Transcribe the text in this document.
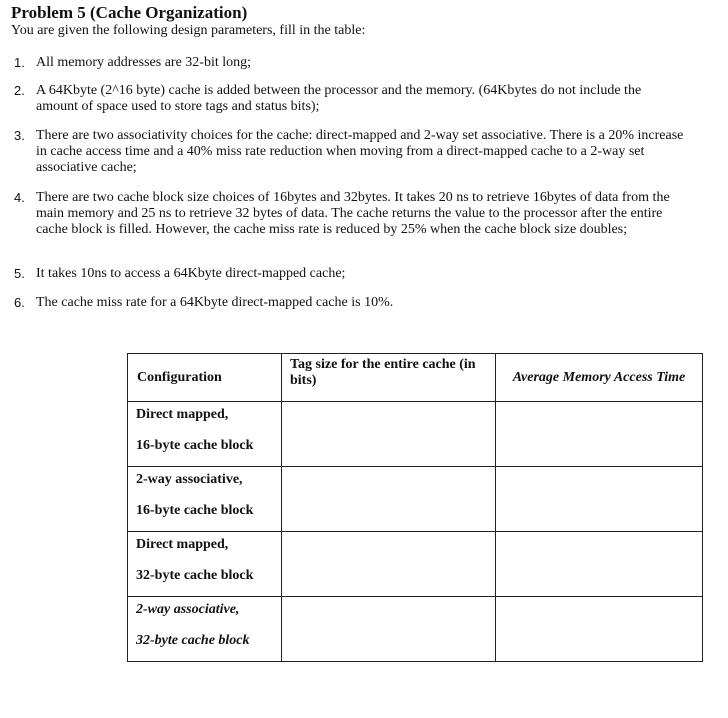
Problem 5 (Cache Organization)
You are given the following design parameters, fill in the table:
1. All memory addresses are 32-bit long;
2. A 64Kbyte (2^16 byte) cache is added between the processor and the memory. (64Kbytes do not include the amount of space used to store tags and status bits);
3. There are two associativity choices for the cache: direct-mapped and 2-way set associative. There is a 20% increase in cache access time and a 40% miss rate reduction when moving from a direct-mapped cache to a 2-way set associative cache;
4. There are two cache block size choices of 16bytes and 32bytes. It takes 20 ns to retrieve 16bytes of data from the main memory and 25 ns to retrieve 32 bytes of data. The cache returns the value to the processor after the entire cache block is filled. However, the cache miss rate is reduced by 25% when the cache block size doubles;
5. It takes 10ns to access a 64Kbyte direct-mapped cache;
6. The cache miss rate for a 64Kbyte direct-mapped cache is 10%.
Configuration	Tag size for the entire cache (in bits)	Average Memory Access Time

Direct mapped,
16-byte cache block		

2-way associative,
16-byte cache block		

Direct mapped,
32-byte cache block		

2-way associative,
32-byte cache block		
